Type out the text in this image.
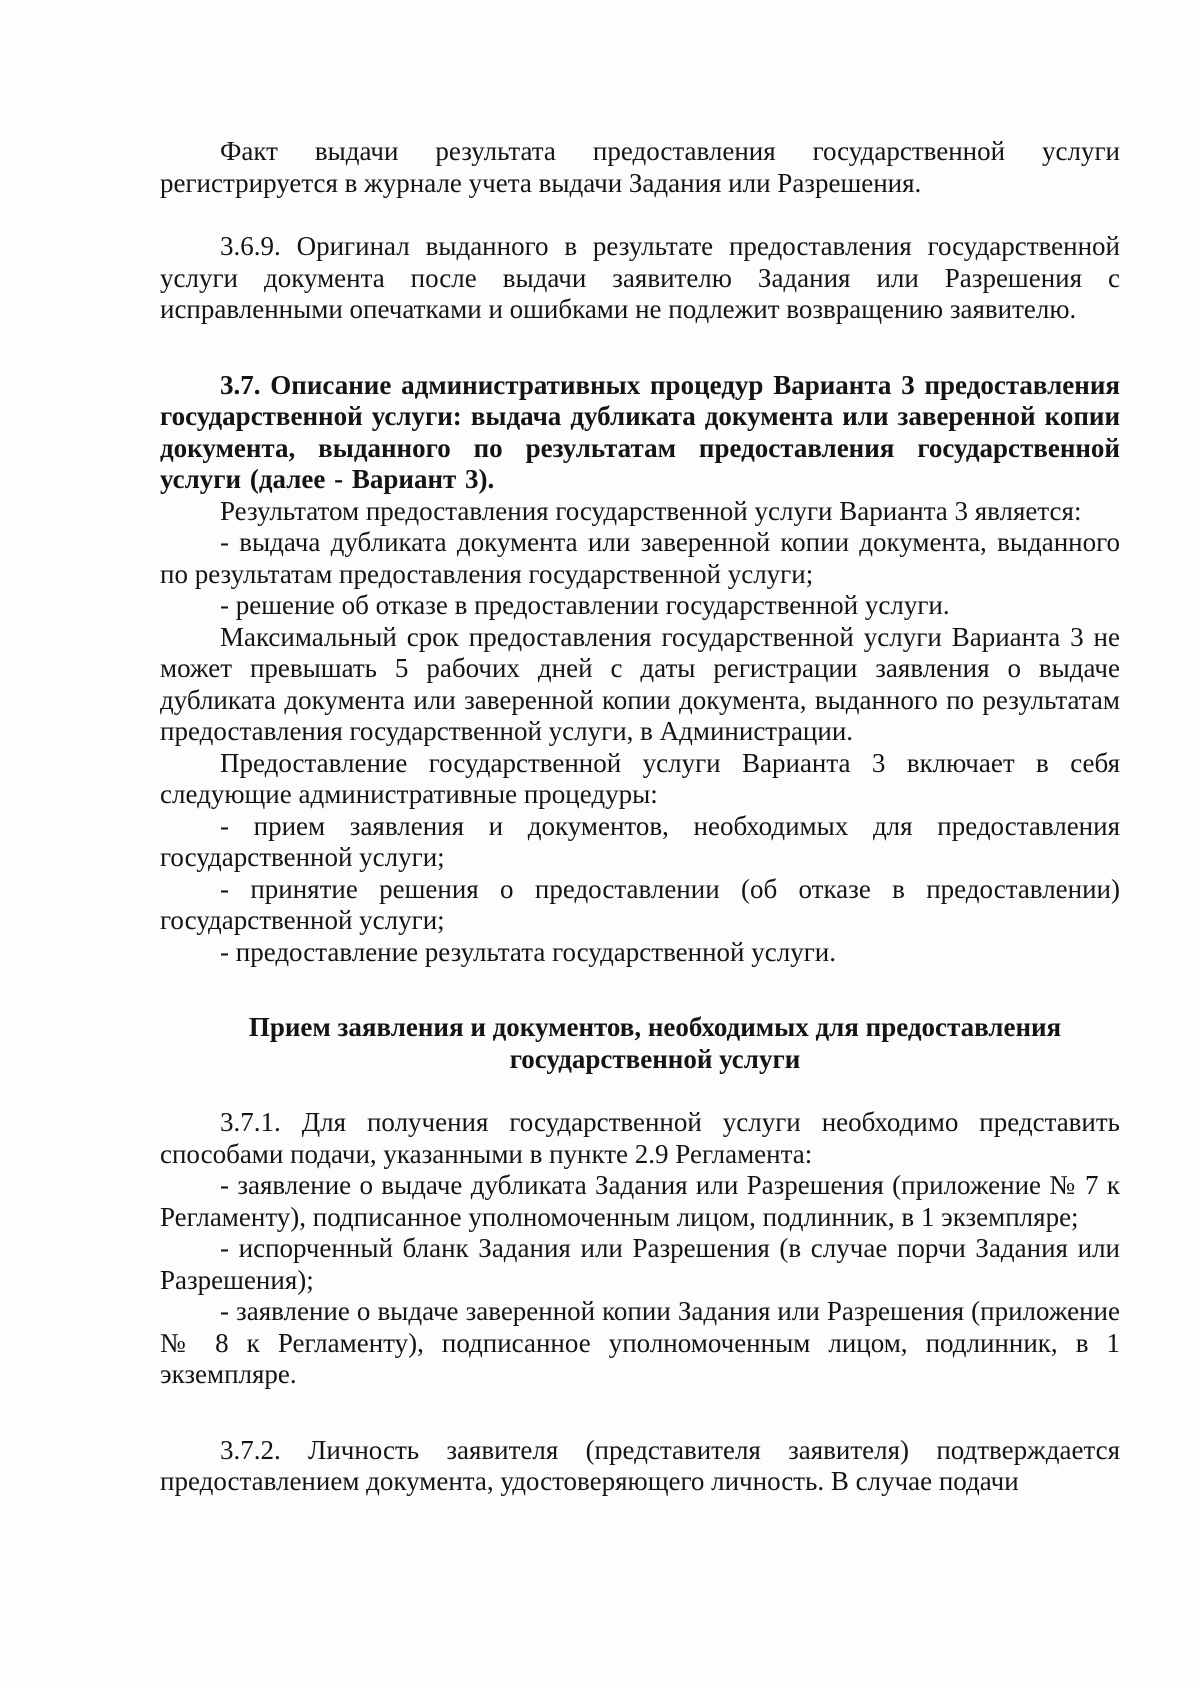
Факт выдачи результата предоставления государственной услуги регистрируется в журнале учета выдачи Задания или Разрешения.

3.6.9. Оригинал выданного в результате предоставления государственной услуги документа после выдачи заявителю Задания или Разрешения с исправленными опечатками и ошибками не подлежит возвращению заявителю.

3.7. Описание административных процедур Варианта 3 предоставления государственной услуги: выдача дубликата документа или заверенной копии документа, выданного по результатам предоставления государственной услуги (далее - Вариант 3).

Результатом предоставления государственной услуги Варианта 3 является:

- выдача дубликата документа или заверенной копии документа, выданного по результатам предоставления государственной услуги;

- решение об отказе в предоставлении государственной услуги.

Максимальный срок предоставления государственной услуги Варианта 3 не может превышать 5 рабочих дней с даты регистрации заявления о выдаче дубликата документа или заверенной копии документа, выданного по результатам предоставления государственной услуги, в Администрации.

Предоставление государственной услуги Варианта 3 включает в себя следующие административные процедуры:

- прием заявления и документов, необходимых для предоставления государственной услуги;

- принятие решения о предоставлении (об отказе в предоставлении) государственной услуги;

- предоставление результата государственной услуги.

Прием заявления и документов, необходимых для предоставления

государственной услуги

3.7.1. Для получения государственной услуги необходимо представить способами подачи, указанными в пункте 2.9 Регламента:

- заявление о выдаче дубликата Задания или Разрешения (приложение № 7 к Регламенту), подписанное уполномоченным лицом, подлинник, в 1 экземпляре;

- испорченный бланк Задания или Разрешения (в случае порчи Задания или Разрешения);

- заявление о выдаче заверенной копии Задания или Разрешения (приложение № 8 к Регламенту), подписанное уполномоченным лицом, подлинник, в 1 экземпляре.

3.7.2. Личность заявителя (представителя заявителя) подтверждается предоставлением документа, удостоверяющего личность. В случае подачи
